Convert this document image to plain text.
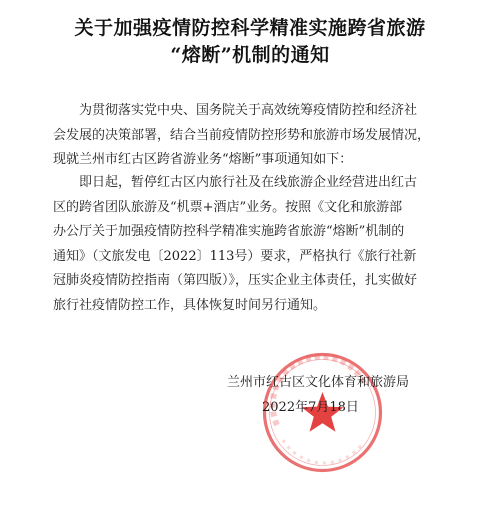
关于加强疫情防控科学精准实施跨省旅游
“熔断”机制的通知
为贯彻落实党中央、国务院关于高效统筹疫情防控和经济社
会发展的决策部署，结合当前疫情防控形势和旅游市场发展情况，
现就兰州市红古区跨省游业务“熔断”事项通知如下：
即日起，暂停红古区内旅行社及在线旅游企业经营进出红古
区的跨省团队旅游及“机票+酒店”业务。按照《文化和旅游部
办公厅关于加强疫情防控科学精准实施跨省旅游“熔断”机制的
通知》（文旅发电〔2022〕113号）要求，严格执行《旅行社新
冠肺炎疫情防控指南（第四版）》，压实企业主体责任，扎实做好
旅行社疫情防控工作，具体恢复时间另行通知。
兰州市红古区文化体育和旅游局
2022年7月18日
